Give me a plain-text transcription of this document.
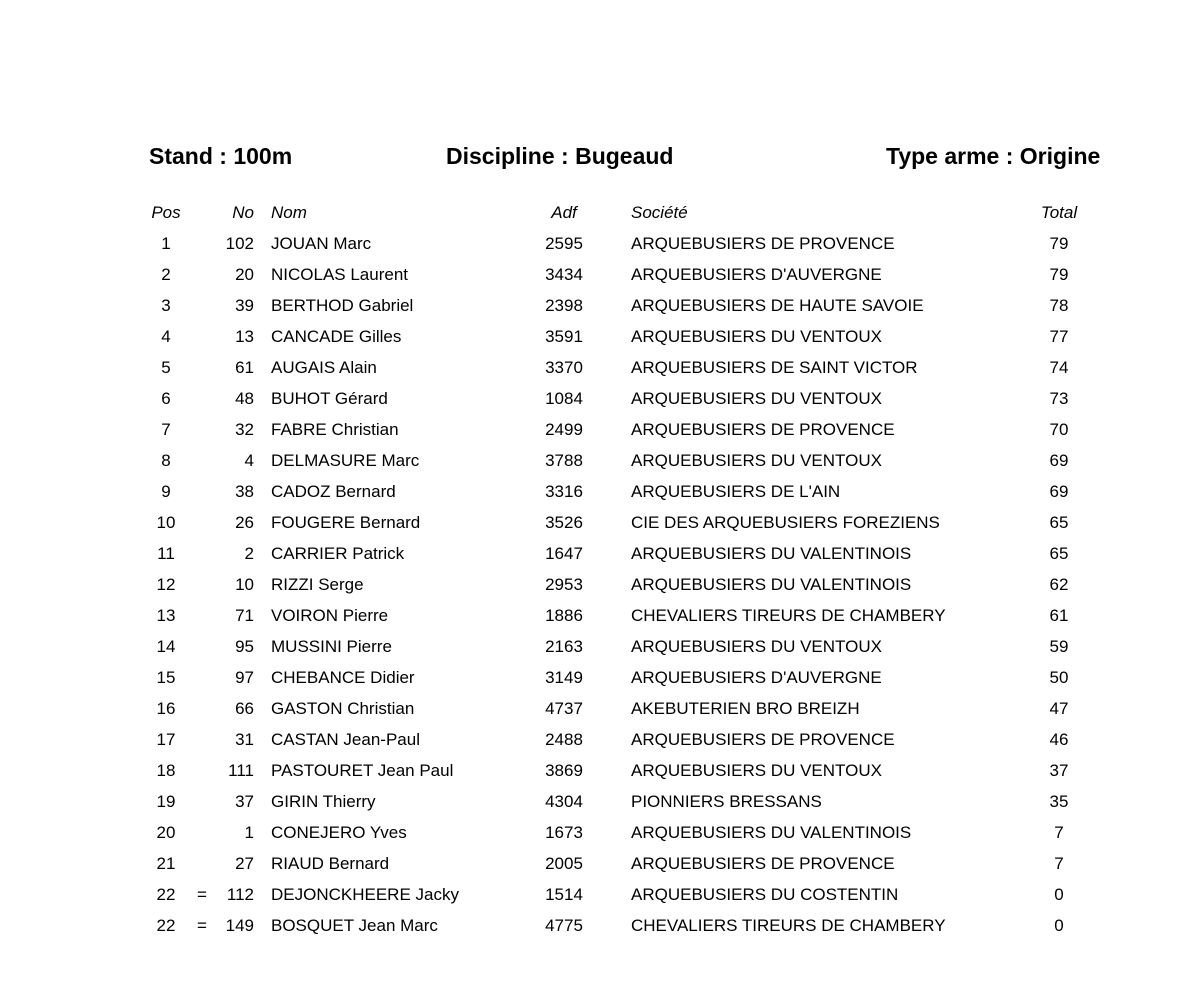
Stand : 100m	Discipline : Bugeaud	Type arme : Origine
Pos	No Nom	Adf	Société	Total
1	102 JOUAN Marc	2595	ARQUEBUSIERS DE PROVENCE	79
2	20 NICOLAS Laurent	3434	ARQUEBUSIERS D'AUVERGNE	79
3	39 BERTHOD Gabriel	2398	ARQUEBUSIERS DE HAUTE SAVOIE	78
4	13 CANCADE Gilles	3591	ARQUEBUSIERS DU VENTOUX	77
5	61 AUGAIS Alain	3370	ARQUEBUSIERS DE SAINT VICTOR	74
6	48 BUHOT Gérard	1084	ARQUEBUSIERS DU VENTOUX	73
7	32 FABRE Christian	2499	ARQUEBUSIERS DE PROVENCE	70
8	4 DELMASURE Marc	3788	ARQUEBUSIERS DU VENTOUX	69
9	38 CADOZ Bernard	3316	ARQUEBUSIERS DE L'AIN	69
10	26 FOUGERE Bernard	3526	CIE DES ARQUEBUSIERS FOREZIENS	65
11	2 CARRIER Patrick	1647	ARQUEBUSIERS DU VALENTINOIS	65
12	10 RIZZI Serge	2953	ARQUEBUSIERS DU VALENTINOIS	62
13	71 VOIRON Pierre	1886	CHEVALIERS TIREURS DE CHAMBERY	61
14	95 MUSSINI Pierre	2163	ARQUEBUSIERS DU VENTOUX	59
15	97 CHEBANCE Didier	3149	ARQUEBUSIERS D'AUVERGNE	50
16	66 GASTON Christian	4737	AKEBUTERIEN BRO BREIZH	47
17	31 CASTAN Jean-Paul	2488	ARQUEBUSIERS DE PROVENCE	46
18	111 PASTOURET Jean Paul	3869	ARQUEBUSIERS DU VENTOUX	37
19	37 GIRIN Thierry	4304	PIONNIERS BRESSANS	35
20	1 CONEJERO Yves	1673	ARQUEBUSIERS DU VALENTINOIS	7
21	27 RIAUD Bernard	2005	ARQUEBUSIERS DE PROVENCE	7
22	=	112 DEJONCKHEERE Jacky	1514	ARQUEBUSIERS DU COSTENTIN	0
22	=	149 BOSQUET Jean Marc	4775	CHEVALIERS TIREURS DE CHAMBERY	0
